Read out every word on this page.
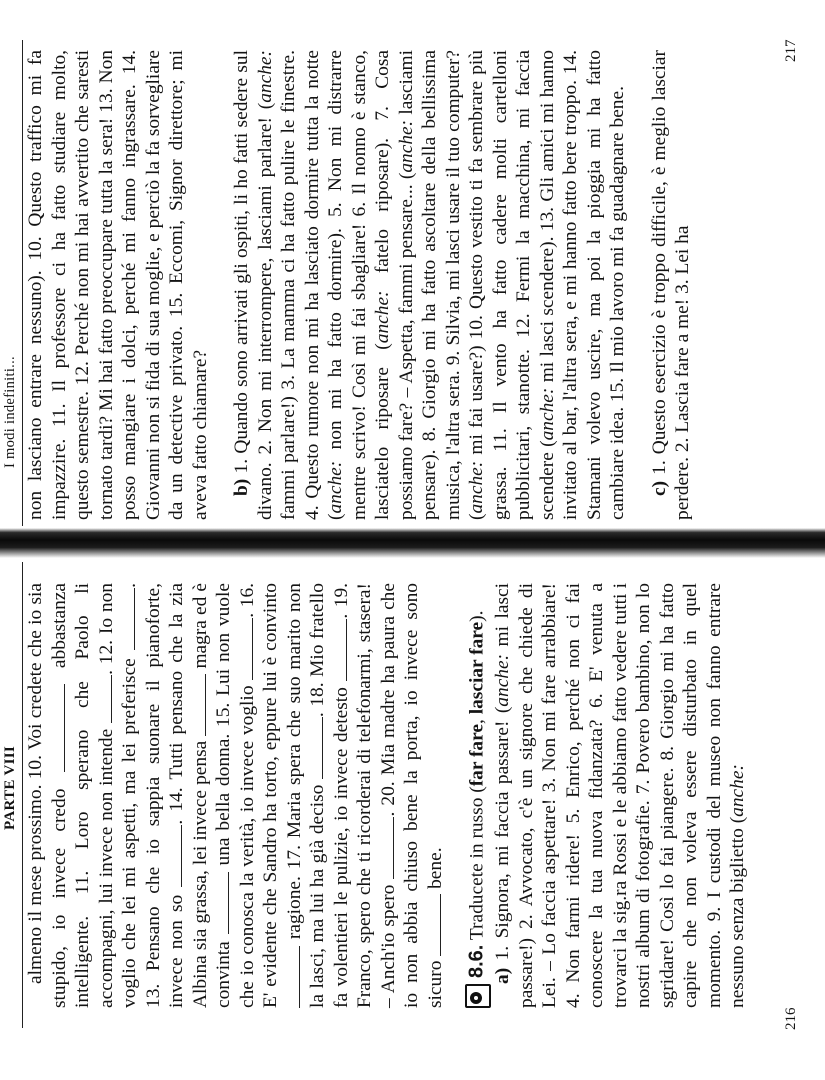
PARTE VIII almeno il mese prossimo. 10. Voi credete che io sia stupido, io invece credo  abbastanza intelligente. 11. Loro sperano che Paolo li accompagni, lui invece non intende . 12. Io non voglio che lei mi aspetti, ma lei preferisce . 13. Pensano che io sappia suonare il pianoforte, invece non so . 14. Tutti pensano che la zia Albina sia grassa, lei invece pensa  magra ed è convinta  una bella donna. 15. Lui non vuole che io conosca la verità, io invece voglio . 16. E' evidente che Sandro ha torto, eppure lui è convinto  ragione. 17. Maria spera che suo marito non la lasci, ma lui ha già deciso . 18. Mio fratello fa volentieri le pulizie, io invece detesto . 19. Franco, spero che ti ricorderai di telefonarmi, stasera! – Anch'io spero . 20. Mia madre ha paura che io non abbia chiuso bene la porta, io invece sono sicuro  bene.

8.6. Traducete in russo (far fare, lasciar fare).

a) 1. Signora, mi faccia passare! (anche: mi lasci passare!) 2. Avvocato, c'è un signore che chiede di Lei. – Lo faccia aspettare! 3. Non mi fare arrabbiare! 4. Non farmi ridere! 5. Enrico, perché non ci fai conoscere la tua nuova fidanzata? 6. E' venuta a trovarci la sig.ra Rossi e le abbiamo fatto vedere tutti i nostri album di fotografie. 7. Povero bambino, non lo sgridare! Così lo fai piangere. 8. Giorgio mi ha fatto capire che non voleva essere disturbato in quel momento. 9. I custodi del museo non fanno entrare nessuno senza biglietto (anche:

216
I modi indefiniti... non lasciano entrare nessuno). 10. Questo traffico mi fa impazzire. 11. Il professore ci ha fatto studiare molto, questo semestre. 12. Perché non mi hai avvertito che saresti tornato tardi? Mi hai fatto preoccupare tutta la sera! 13. Non posso mangiare i dolci, perché mi fanno ingrassare. 14. Giovanni non si fida di sua moglie, e perciò la fa sorvegliare da un detective privato. 15. Eccomi, Signor direttore; mi aveva fatto chiamare? b) 1. Quando sono arrivati gli ospiti, li ho fatti sedere sul divano. 2. Non mi interrompere, lasciami parlare! (anche: fammi parlare!) 3. La mamma ci ha fatto pulire le finestre. 4. Questo rumore non mi ha lasciato dormire tutta la notte (anche: non mi ha fatto dormire). 5. Non mi distrarre mentre scrivo! Così mi fai sbagliare! 6. Il nonno è stanco, lasciatelo riposare (anche: fatelo riposare). 7. Cosa possiamo fare? – Aspetta, fammi pensare... (anche: lasciami pensare). 8. Giorgio mi ha fatto ascoltare della bellissima musica, l'altra sera. 9. Silvia, mi lasci usare il tuo computer? (anche: mi fai usare?) 10. Questo vestito ti fa sembrare più grassa. 11. Il vento ha fatto cadere molti cartelloni pubblicitari, stanotte. 12. Fermi la macchina, mi faccia scendere (anche: mi lasci scendere). 13. Gli amici mi hanno invitato al bar, l'altra sera, e mi hanno fatto bere troppo. 14. Stamani volevo uscire, ma poi la pioggia mi ha fatto cambiare idea. 15. Il mio lavoro mi fa guadagnare bene. c) 1. Questo esercizio è troppo difficile, è meglio lasciar perdere. 2. Lascia fare a me! 3. Lei ha

217
